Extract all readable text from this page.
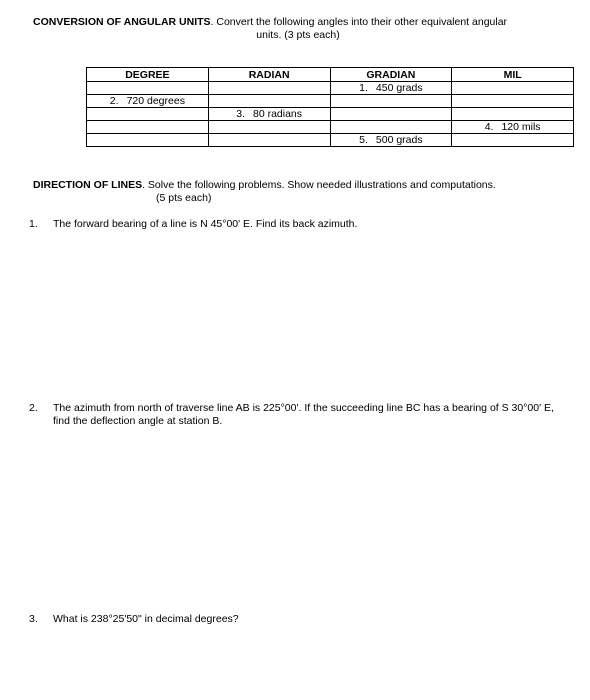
CONVERSION OF ANGULAR UNITS. Convert the following angles into their other equivalent angular
units. (3 pts each)
DEGREE	RADIAN	GRADIAN	MIL
		1. 450 grads	
2. 720 degrees			
	3. 80 radians		
			4. 120 mils
		5. 500 grads	
DIRECTION OF LINES. Solve the following problems. Show needed illustrations and computations.
(5 pts each)
1.	The forward bearing of a line is N 45°00' E. Find its back azimuth.
2.	The azimuth from north of traverse line AB is 225°00'. If the succeeding line BC has a bearing of S 30°00' E, find the deflection angle at station B.
3.	What is 238°25'50" in decimal degrees?
